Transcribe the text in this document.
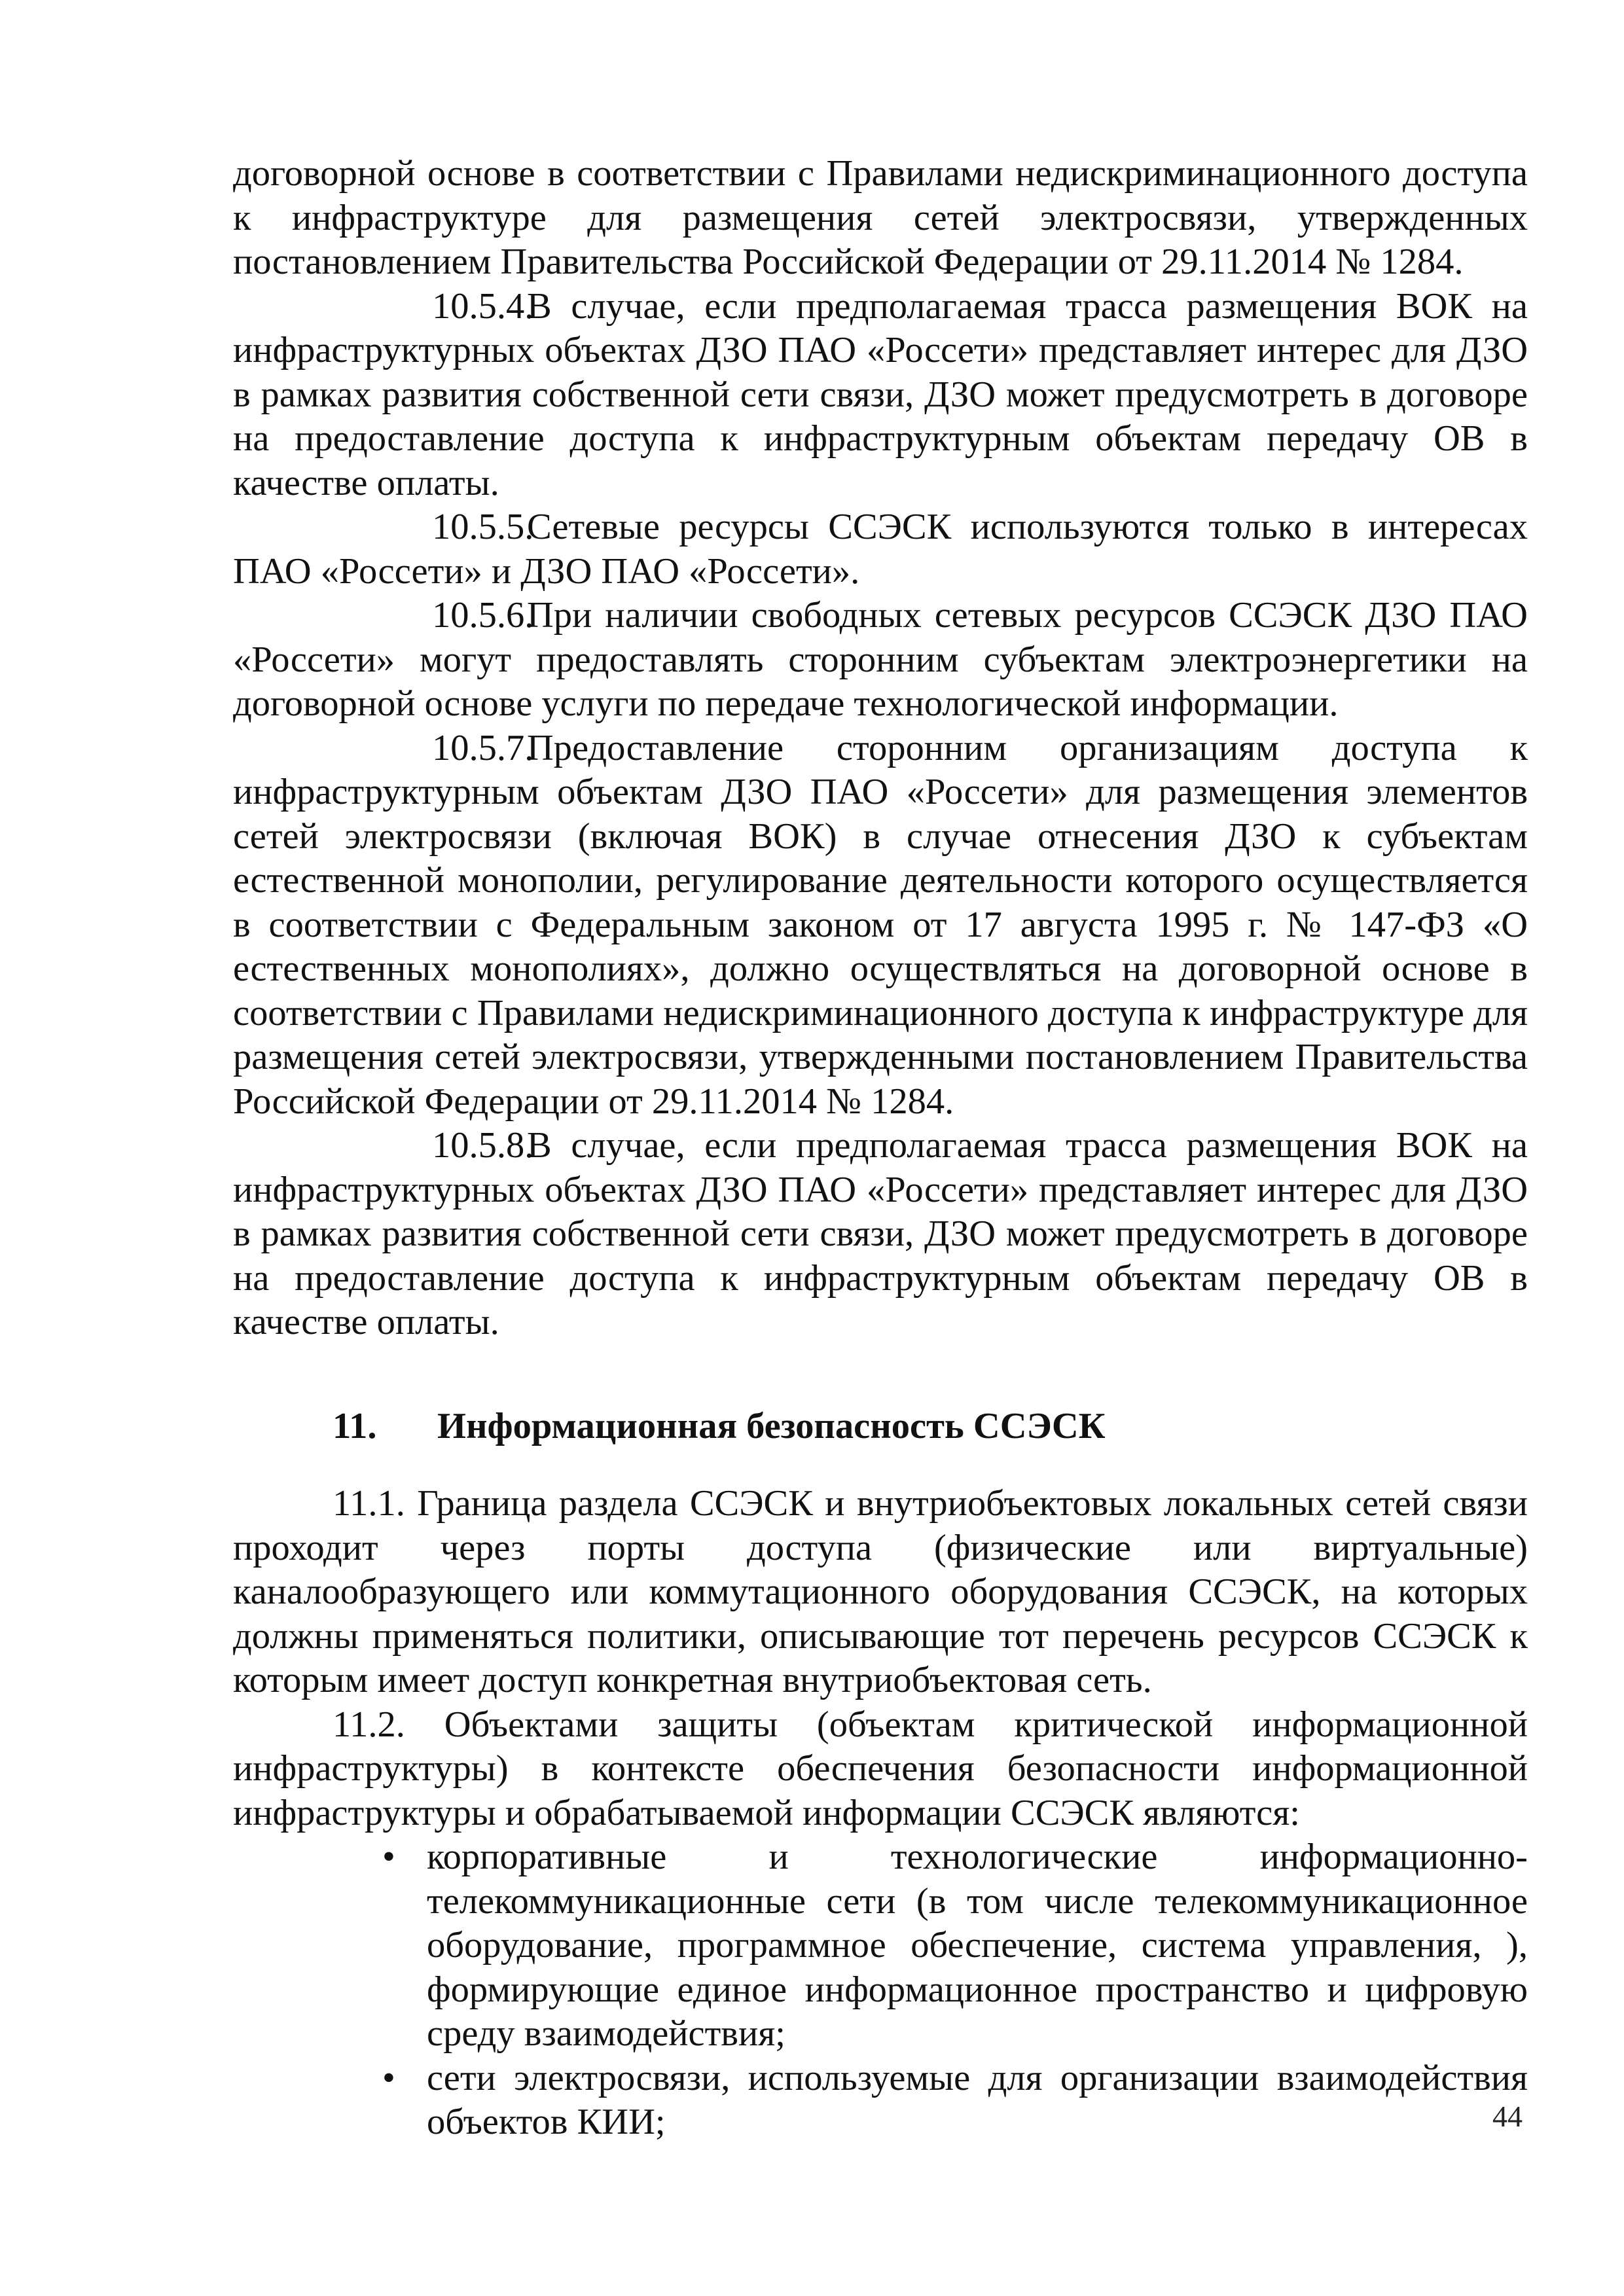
договорной основе в соответствии с Правилами недискриминационного доступа к инфраструктуре для размещения сетей электросвязи, утвержденных постановлением Правительства Российской Федерации от 29.11.2014 № 1284.

10.5.4.В случае, если предполагаемая трасса размещения ВОК на инфраструктурных объектах ДЗО ПАО «Россети» представляет интерес для ДЗО в рамках развития собственной сети связи, ДЗО может предусмотреть в договоре на предоставление доступа к инфраструктурным объектам передачу ОВ в качестве оплаты.

10.5.5.Сетевые ресурсы ССЭСК используются только в интересах ПАО «Россети» и ДЗО ПАО «Россети».

10.5.6.При наличии свободных сетевых ресурсов ССЭСК ДЗО ПАО «Россети» могут предоставлять сторонним субъектам электроэнергетики на договорной основе услуги по передаче технологической информации.

10.5.7.Предоставление сторонним организациям доступа к инфраструктурным объектам ДЗО ПАО «Россети» для размещения элементов сетей электросвязи (включая ВОК) в случае отнесения ДЗО к субъектам естественной монополии, регулирование деятельности которого осуществляется в соответствии с Федеральным законом от 17 августа 1995 г. № 147-ФЗ «О естественных монополиях», должно осуществляться на договорной основе в соответствии с Правилами недискриминационного доступа к инфраструктуре для размещения сетей электросвязи, утвержденными постановлением Правительства Российской Федерации от 29.11.2014 № 1284.

10.5.8.В случае, если предполагаемая трасса размещения ВОК на инфраструктурных объектах ДЗО ПАО «Россети» представляет интерес для ДЗО в рамках развития собственной сети связи, ДЗО может предусмотреть в договоре на предоставление доступа к инфраструктурным объектам передачу ОВ в качестве оплаты.

11. Информационная безопасность ССЭСК

11.1. Граница раздела ССЭСК и внутриобъектовых локальных сетей связи проходит через порты доступа (физические или виртуальные) каналообразующего или коммутационного оборудования ССЭСК, на которых должны применяться политики, описывающие тот перечень ресурсов ССЭСК к которым имеет доступ конкретная внутриобъектовая сеть.

11.2. Объектами защиты (объектам критической информационной инфраструктуры) в контексте обеспечения безопасности информационной инфраструктуры и обрабатываемой информации ССЭСК являются:

• корпоративные и технологические информационно-телекоммуникационные сети (в том числе телекоммуникационное оборудование, программное обеспечение, система управления, ), формирующие единое информационное пространство и цифровую среду взаимодействия;
• сети электросвязи, используемые для организации взаимодействия объектов КИИ;	44
